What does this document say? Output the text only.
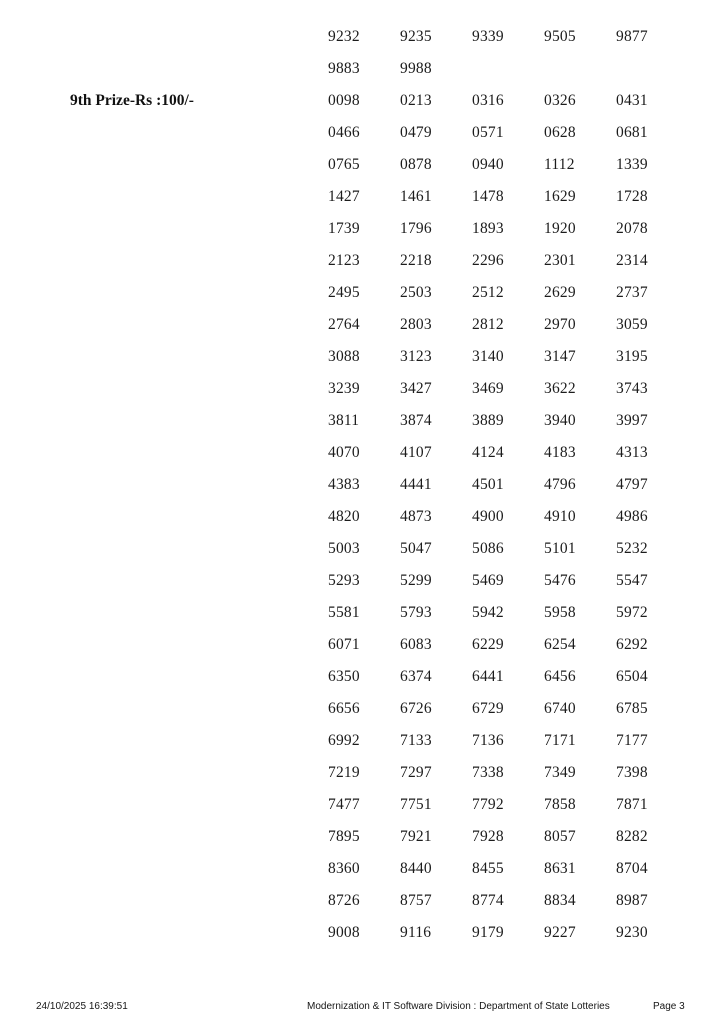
9th Prize-Rs :100/-
9232	9235	9339	9505	9877
9883	9988
0098	0213	0316	0326	0431
0466	0479	0571	0628	0681
0765	0878	0940	1112	1339
1427	1461	1478	1629	1728
1739	1796	1893	1920	2078
2123	2218	2296	2301	2314
2495	2503	2512	2629	2737
2764	2803	2812	2970	3059
3088	3123	3140	3147	3195
3239	3427	3469	3622	3743
3811	3874	3889	3940	3997
4070	4107	4124	4183	4313
4383	4441	4501	4796	4797
4820	4873	4900	4910	4986
5003	5047	5086	5101	5232
5293	5299	5469	5476	5547
5581	5793	5942	5958	5972
6071	6083	6229	6254	6292
6350	6374	6441	6456	6504
6656	6726	6729	6740	6785
6992	7133	7136	7171	7177
7219	7297	7338	7349	7398
7477	7751	7792	7858	7871
7895	7921	7928	8057	8282
8360	8440	8455	8631	8704
8726	8757	8774	8834	8987
9008	9116	9179	9227	9230
24/10/2025 16:39:51	Modernization & IT Software Division : Department of State Lotteries	Page 3
